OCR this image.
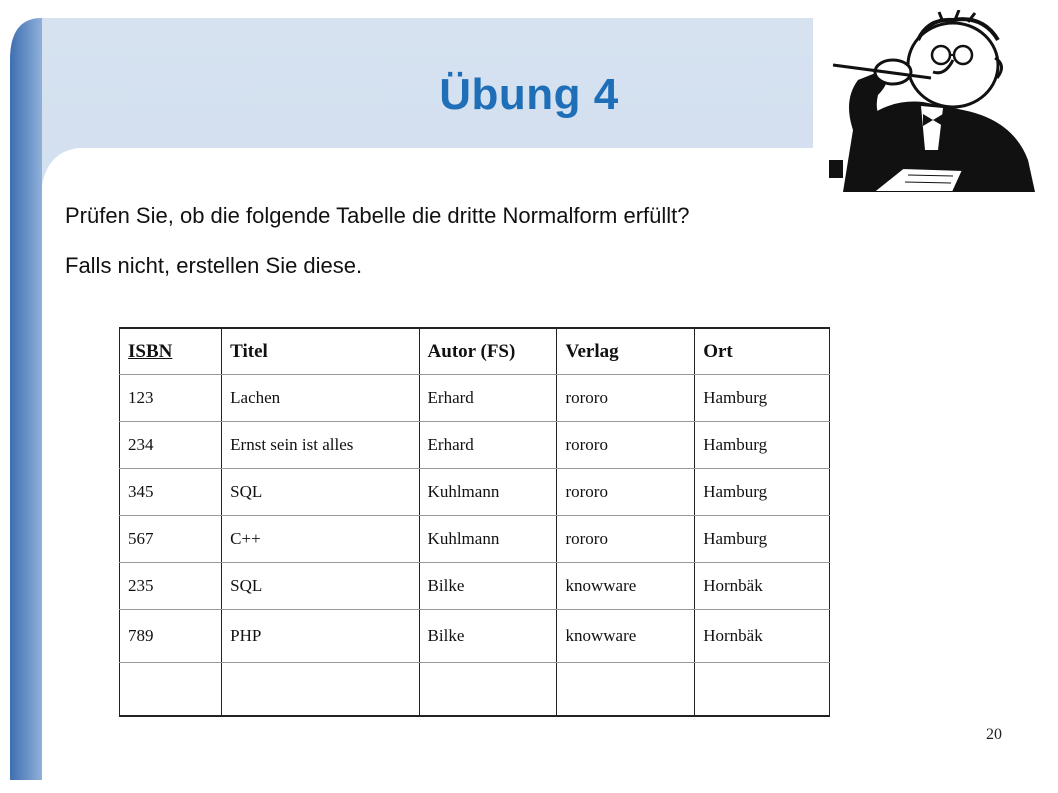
Übung 4
Prüfen Sie, ob die folgende Tabelle die dritte Normalform erfüllt?
Falls nicht, erstellen Sie diese.
ISBN	Titel	Autor (FS)	Verlag	Ort
123	Lachen	Erhard	rororo	Hamburg
234	Ernst sein ist alles	Erhard	rororo	Hamburg
345	SQL	Kuhlmann	rororo	Hamburg
567	C++	Kuhlmann	rororo	Hamburg
235	SQL	Bilke	knowware	Hornbäk
789	PHP	Bilke	knowware	Hornbäk

20
